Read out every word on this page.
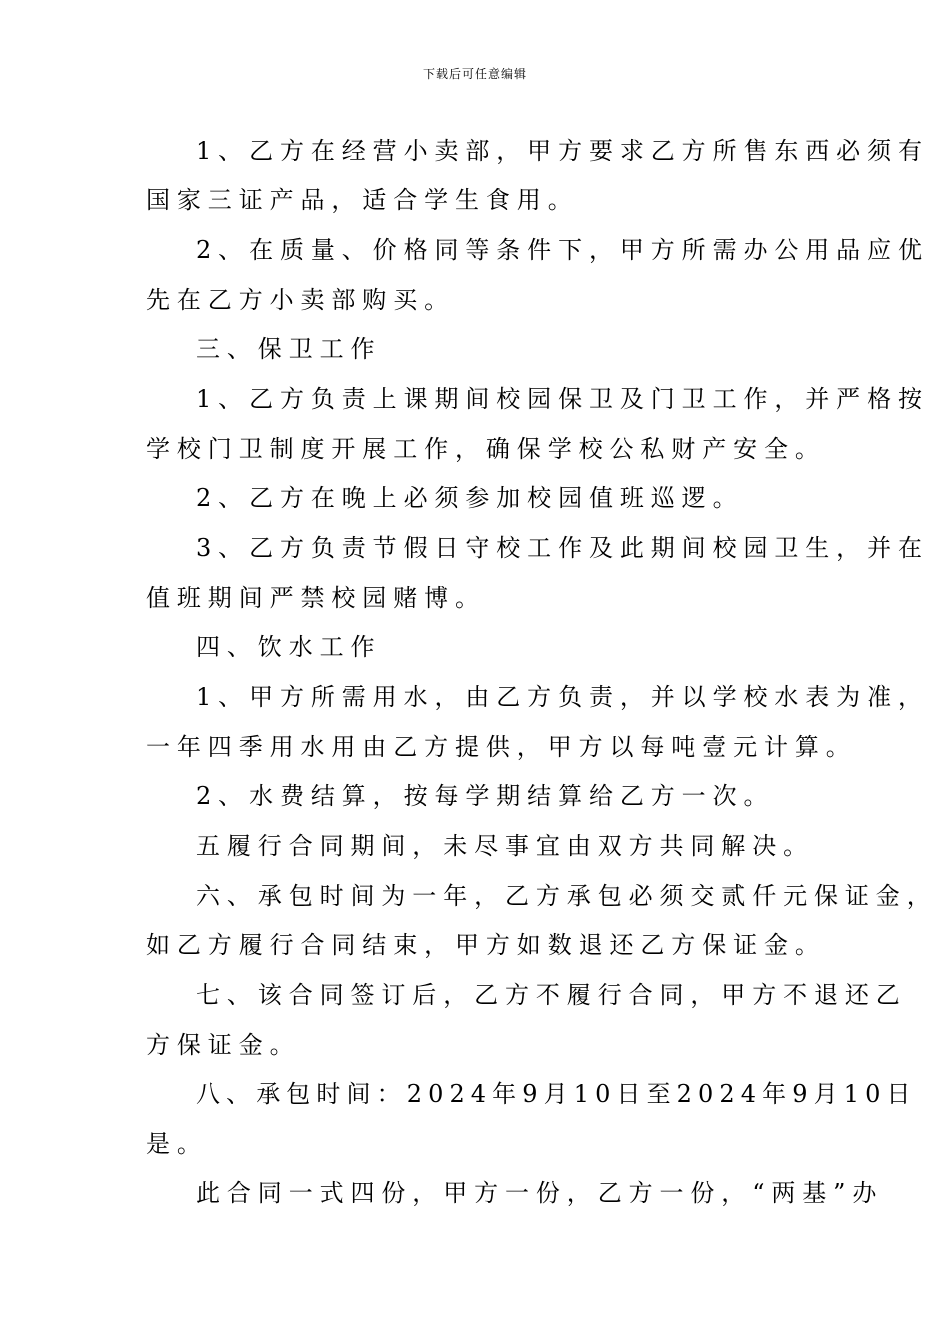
下载后可任意编辑
1、乙方在经营小卖部，甲方要求乙方所售东西必须有
国家三证产品，适合学生食用。
2、在质量、价格同等条件下，甲方所需办公用品应优
先在乙方小卖部购买。
三、保卫工作
1、乙方负责上课期间校园保卫及门卫工作，并严格按
学校门卫制度开展工作，确保学校公私财产安全。
2、乙方在晚上必须参加校园值班巡逻。
3、乙方负责节假日守校工作及此期间校园卫生，并在
值班期间严禁校园赌博。
四、饮水工作
1、甲方所需用水，由乙方负责，并以学校水表为准，
一年四季用水用由乙方提供，甲方以每吨壹元计算。
2、水费结算，按每学期结算给乙方一次。
五履行合同期间，未尽事宜由双方共同解决。
六、承包时间为一年，乙方承包必须交贰仟元保证金，
如乙方履行合同结束，甲方如数退还乙方保证金。
七、该合同签订后，乙方不履行合同，甲方不退还乙
方保证金。
八、承包时间：2024年9月10日至2024年9月10日
是。
此合同一式四份，甲方一份，乙方一份，“两基”办
